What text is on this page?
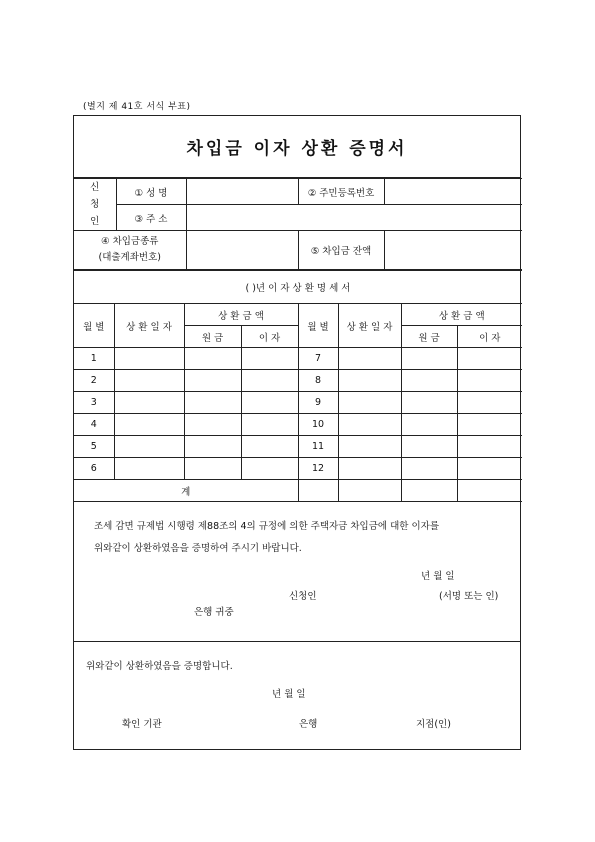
(별지 제 41호 서식 부표)
차입금 이자 상환 증명서
신
청
인	① 성 명		② 주민등록번호	
	③ 주 소			
④ 차입금종류
(대출계좌번호)			⑤ 차입금 잔액	
( )년 이 자 상 환 명 세 서							
월 별	상 환 일 자	상 환 금 액		월 별	상 환 일 자	상 환 금 액	
		원 금	이 자			원 금	이 자
1				7			
2				8			
3				9			
4				10			
5				11			
6				12			
계							

조세 감면 규제법 시행령 제88조의 4의 규정에 의한 주택자금 차입금에 대한 이자를

위와같이 상환하였음을 증명하여 주시기 바랍니다.

년 월 일
신청인	(서명 또는 인)
은행 귀중
위와같이 상환하였음을 증명합니다.
년 월 일
확인 기관	은행	지점(인)
